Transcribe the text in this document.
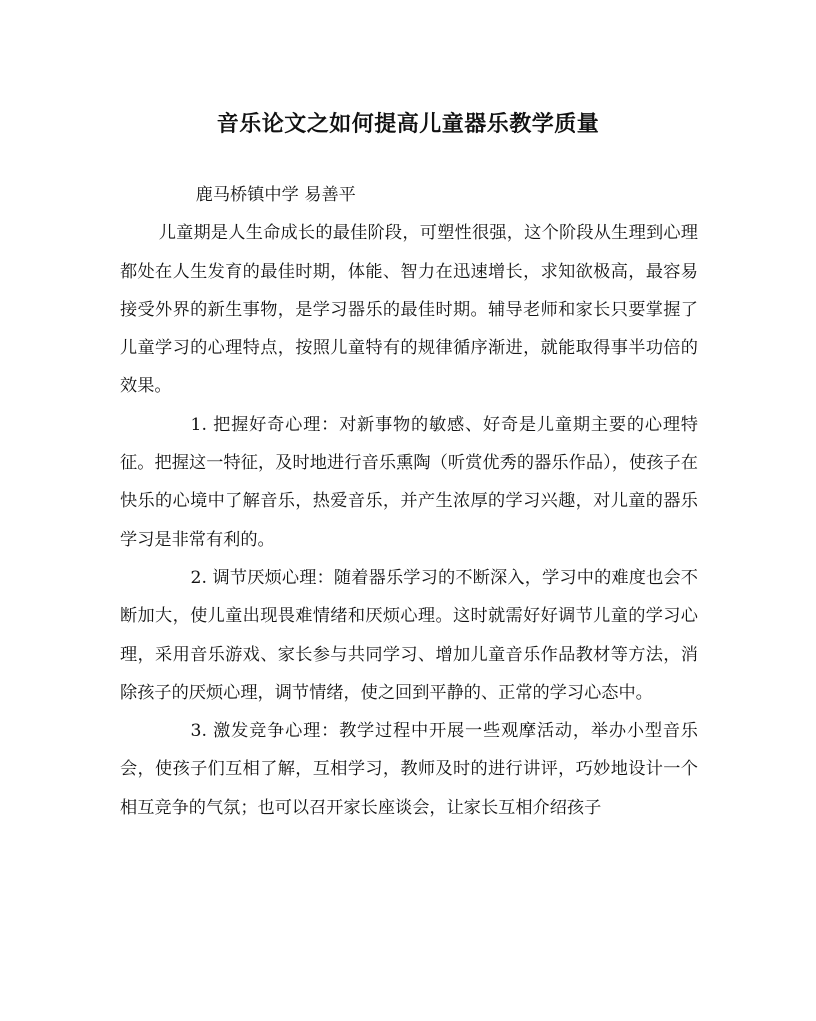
音乐论文之如何提高儿童器乐教学质量

鹿马桥镇中学 易善平

儿童期是人生命成长的最佳阶段，可塑性很强，这个阶段从生理到心理都处在人生发育的最佳时期，体能、智力在迅速增长，求知欲极高，最容易接受外界的新生事物，是学习器乐的最佳时期。辅导老师和家长只要掌握了儿童学习的心理特点，按照儿童特有的规律循序渐进，就能取得事半功倍的效果。

1. 把握好奇心理：对新事物的敏感、好奇是儿童期主要的心理特征。把握这一特征，及时地进行音乐熏陶（听赏优秀的器乐作品），使孩子在快乐的心境中了解音乐，热爱音乐，并产生浓厚的学习兴趣，对儿童的器乐学习是非常有利的。

2. 调节厌烦心理：随着器乐学习的不断深入，学习中的难度也会不断加大，使儿童出现畏难情绪和厌烦心理。这时就需好好调节儿童的学习心理，采用音乐游戏、家长参与共同学习、增加儿童音乐作品教材等方法，消除孩子的厌烦心理，调节情绪，使之回到平静的、正常的学习心态中。

3. 激发竞争心理：教学过程中开展一些观摩活动，举办小型音乐会，使孩子们互相了解，互相学习，教师及时的进行讲评，巧妙地设计一个相互竞争的气氛；也可以召开家长座谈会，让家长互相介绍孩子
